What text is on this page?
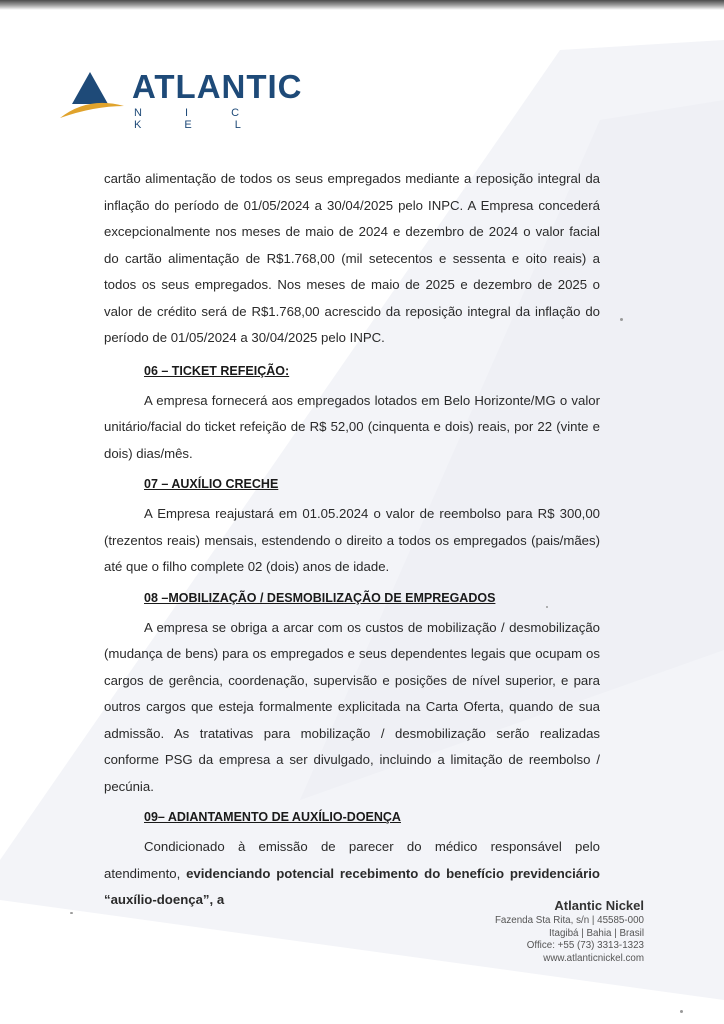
ATLANTIC
N I C K E L

cartão alimentação de todos os seus empregados mediante a reposição integral da inflação do período de 01/05/2024 a 30/04/2025 pelo INPC. A Empresa concederá excepcionalmente nos meses de maio de 2024 e dezembro de 2024 o valor facial do cartão alimentação de R$1.768,00 (mil setecentos e sessenta e oito reais) a todos os seus empregados. Nos meses de maio de 2025 e dezembro de 2025 o valor de crédito será de R$1.768,00 acrescido da reposição integral da inflação do período de 01/05/2024 a 30/04/2025 pelo INPC.

06 – TICKET REFEIÇÃO:

A empresa fornecerá aos empregados lotados em Belo Horizonte/MG o valor unitário/facial do ticket refeição de R$ 52,00 (cinquenta e dois) reais, por 22 (vinte e dois) dias/mês.

07 – AUXÍLIO CRECHE

A Empresa reajustará em 01.05.2024 o valor de reembolso para R$ 300,00 (trezentos reais) mensais, estendendo o direito a todos os empregados (pais/mães) até que o filho complete 02 (dois) anos de idade.

08 –MOBILIZAÇÃO / DESMOBILIZAÇÃO DE EMPREGADOS

A empresa se obriga a arcar com os custos de mobilização / desmobilização (mudança de bens) para os empregados e seus dependentes legais que ocupam os cargos de gerência, coordenação, supervisão e posições de nível superior, e para outros cargos que esteja formalmente explicitada na Carta Oferta, quando de sua admissão. As tratativas para mobilização / desmobilização serão realizadas conforme PSG da empresa a ser divulgado, incluindo a limitação de reembolso / pecúnia.

09– ADIANTAMENTO DE AUXÍLIO-DOENÇA

Condicionado à emissão de parecer do médico responsável pelo atendimento, evidenciando potencial recebimento do benefício previdenciário “auxílio-doença”, a	Atlantic Nickel
Fazenda Sta Rita, s/n | 45585-000
Itagibá | Bahia | Brasil
Office: +55 (73) 3313-1323
www.atlanticnickel.com
